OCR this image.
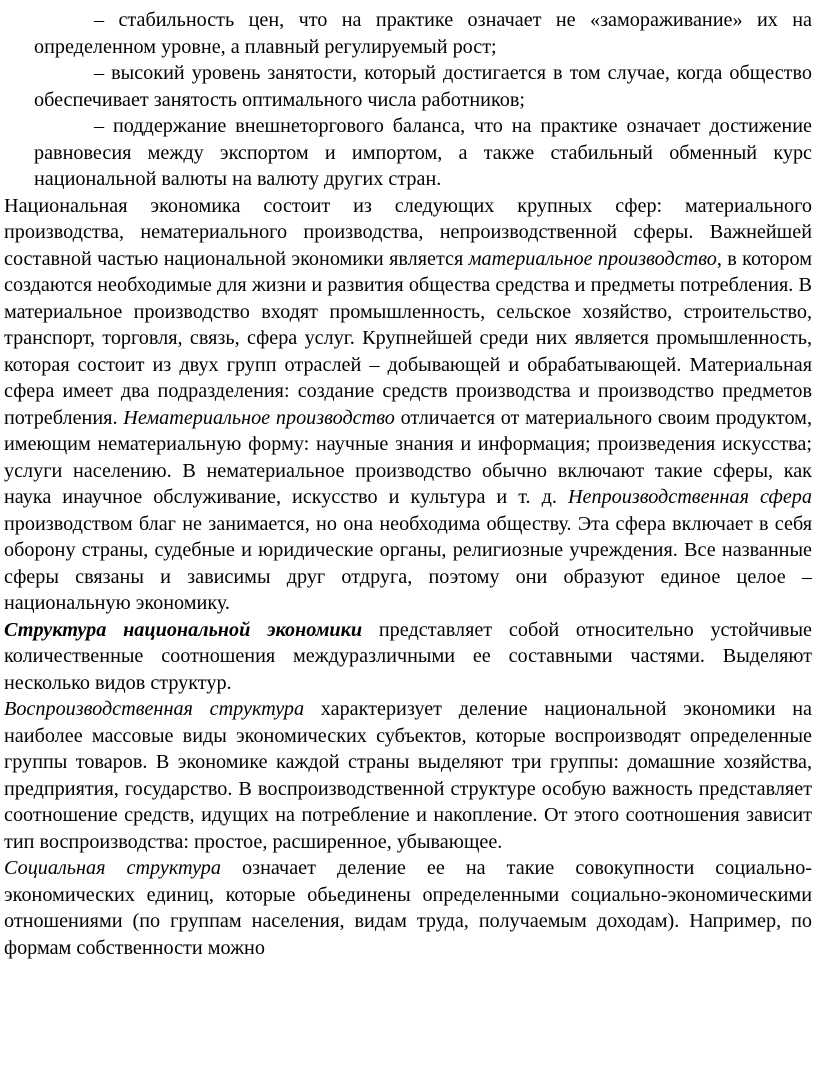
– стабильность цен, что на практике означает не «замораживание» их на определенном уровне, а плавный регулируемый рост;

– высокий уровень занятости, который достигается в том случае, когда общество обеспечивает занятость оптимального числа работников;

– поддержание внешнеторгового баланса, что на практике означает достижение равновесия между экспортом и импортом, а также стабильный обменный курс национальной валюты на валюту других стран.

Национальная экономика состоит из следующих крупных сфер: материального производства, нематериального производства, непроизводственной сферы. Важнейшей составной частью национальной экономики является материальное производство, в котором создаются необходимые для жизни и развития общества средства и предметы потребления. В материальное производство входят промышленность, сельское хозяйство, строительство, транспорт, торговля, связь, сфера услуг. Крупнейшей среди них является промышленность, которая состоит из двух групп отраслей – добывающей и обрабатывающей. Материальная сфера имеет два подразделения: создание средств производства и производство предметов потребления. Нематериальное производство отличается от материального своим продуктом, имеющим нематериальную форму: научные знания и информация; произведения искусства; услуги населению. В нематериальное производство обычно включают такие сферы, как наука инаучное обслуживание, искусство и культура и т. д. Непроизводственная сфера производством благ не занимается, но она необходима обществу. Эта сфера включает в себя оборону страны, судебные и юридические органы, религиозные учреждения. Все названные сферы связаны и зависимы друг отдруга, поэтому они образуют единое целое – национальную экономику.

Структура национальной экономики представляет собой относительно устойчивые количественные соотношения междуразличными ее составными частями. Выделяют несколько видов структур.

Воспроизводственная структура характеризует деление национальной экономики на наиболее массовые виды экономических субъектов, которые воспроизводят определенные группы товаров. В экономике каждой страны выделяют три группы: домашние хозяйства, предприятия, государство. В воспроизводственной структуре особую важность представляет соотношение средств, идущих на потребление и накопление. От этого соотношения зависит тип воспроизводства: простое, расширенное, убывающее.

Социальная структура означает деление ее на такие совокупности социально-экономических единиц, которые обьединены определенными социально-экономическими отношениями (по группам населения, видам труда, получаемым доходам). Например, по формам собственности можно
